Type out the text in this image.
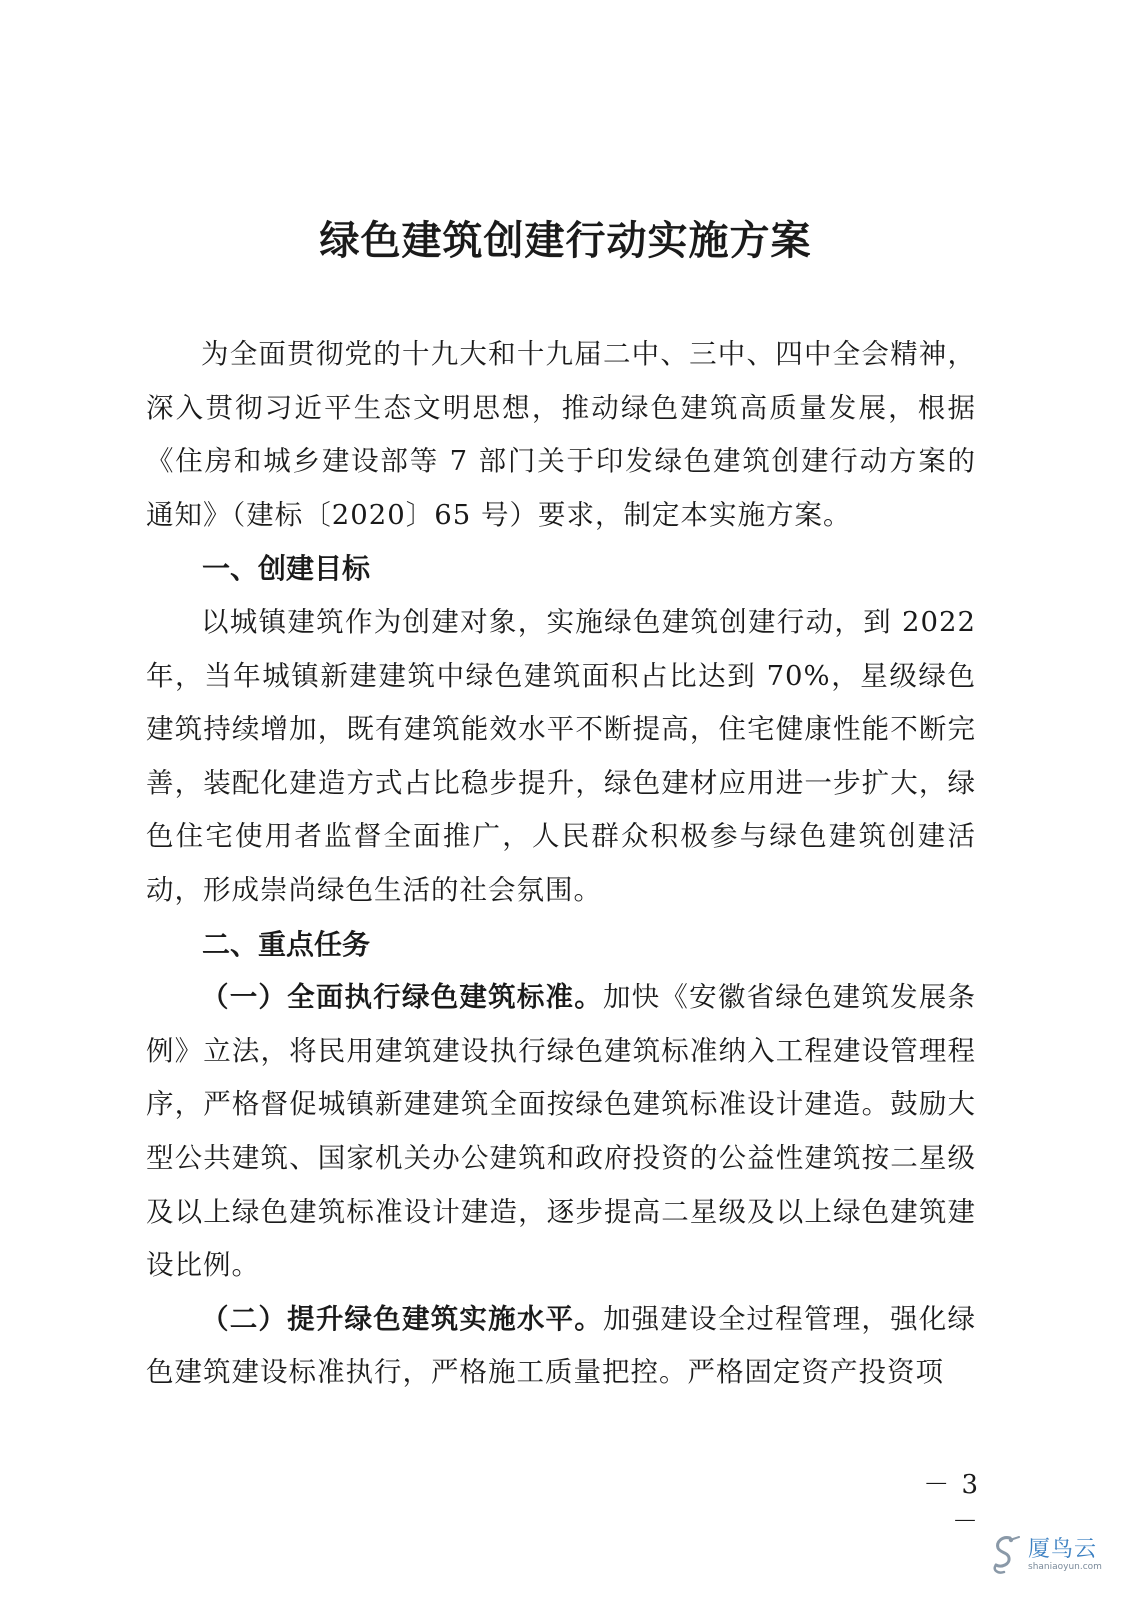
绿色建筑创建行动实施方案

为全面贯彻党的十九大和十九届二中、三中、四中全会精神，深入贯彻习近平生态文明思想，推动绿色建筑高质量发展，根据《住房和城乡建设部等 7 部门关于印发绿色建筑创建行动方案的通知》（建标〔2020〕65 号）要求，制定本实施方案。

一、创建目标

以城镇建筑作为创建对象，实施绿色建筑创建行动，到 2022 年，当年城镇新建建筑中绿色建筑面积占比达到 70%，星级绿色建筑持续增加，既有建筑能效水平不断提高，住宅健康性能不断完善，装配化建造方式占比稳步提升，绿色建材应用进一步扩大，绿色住宅使用者监督全面推广，人民群众积极参与绿色建筑创建活动，形成崇尚绿色生活的社会氛围。

二、重点任务

（一）全面执行绿色建筑标准。加快《安徽省绿色建筑发展条例》立法，将民用建筑建设执行绿色建筑标准纳入工程建设管理程序，严格督促城镇新建建筑全面按绿色建筑标准设计建造。鼓励大型公共建筑、国家机关办公建筑和政府投资的公益性建筑按二星级及以上绿色建筑标准设计建造，逐步提高二星级及以上绿色建筑建设比例。

（二）提升绿色建筑实施水平。加强建设全过程管理，强化绿色建筑建设标准执行，严格施工质量把控。严格固定资产投资项

－ 3 －
厦鸟云
shaniaoyun.com
